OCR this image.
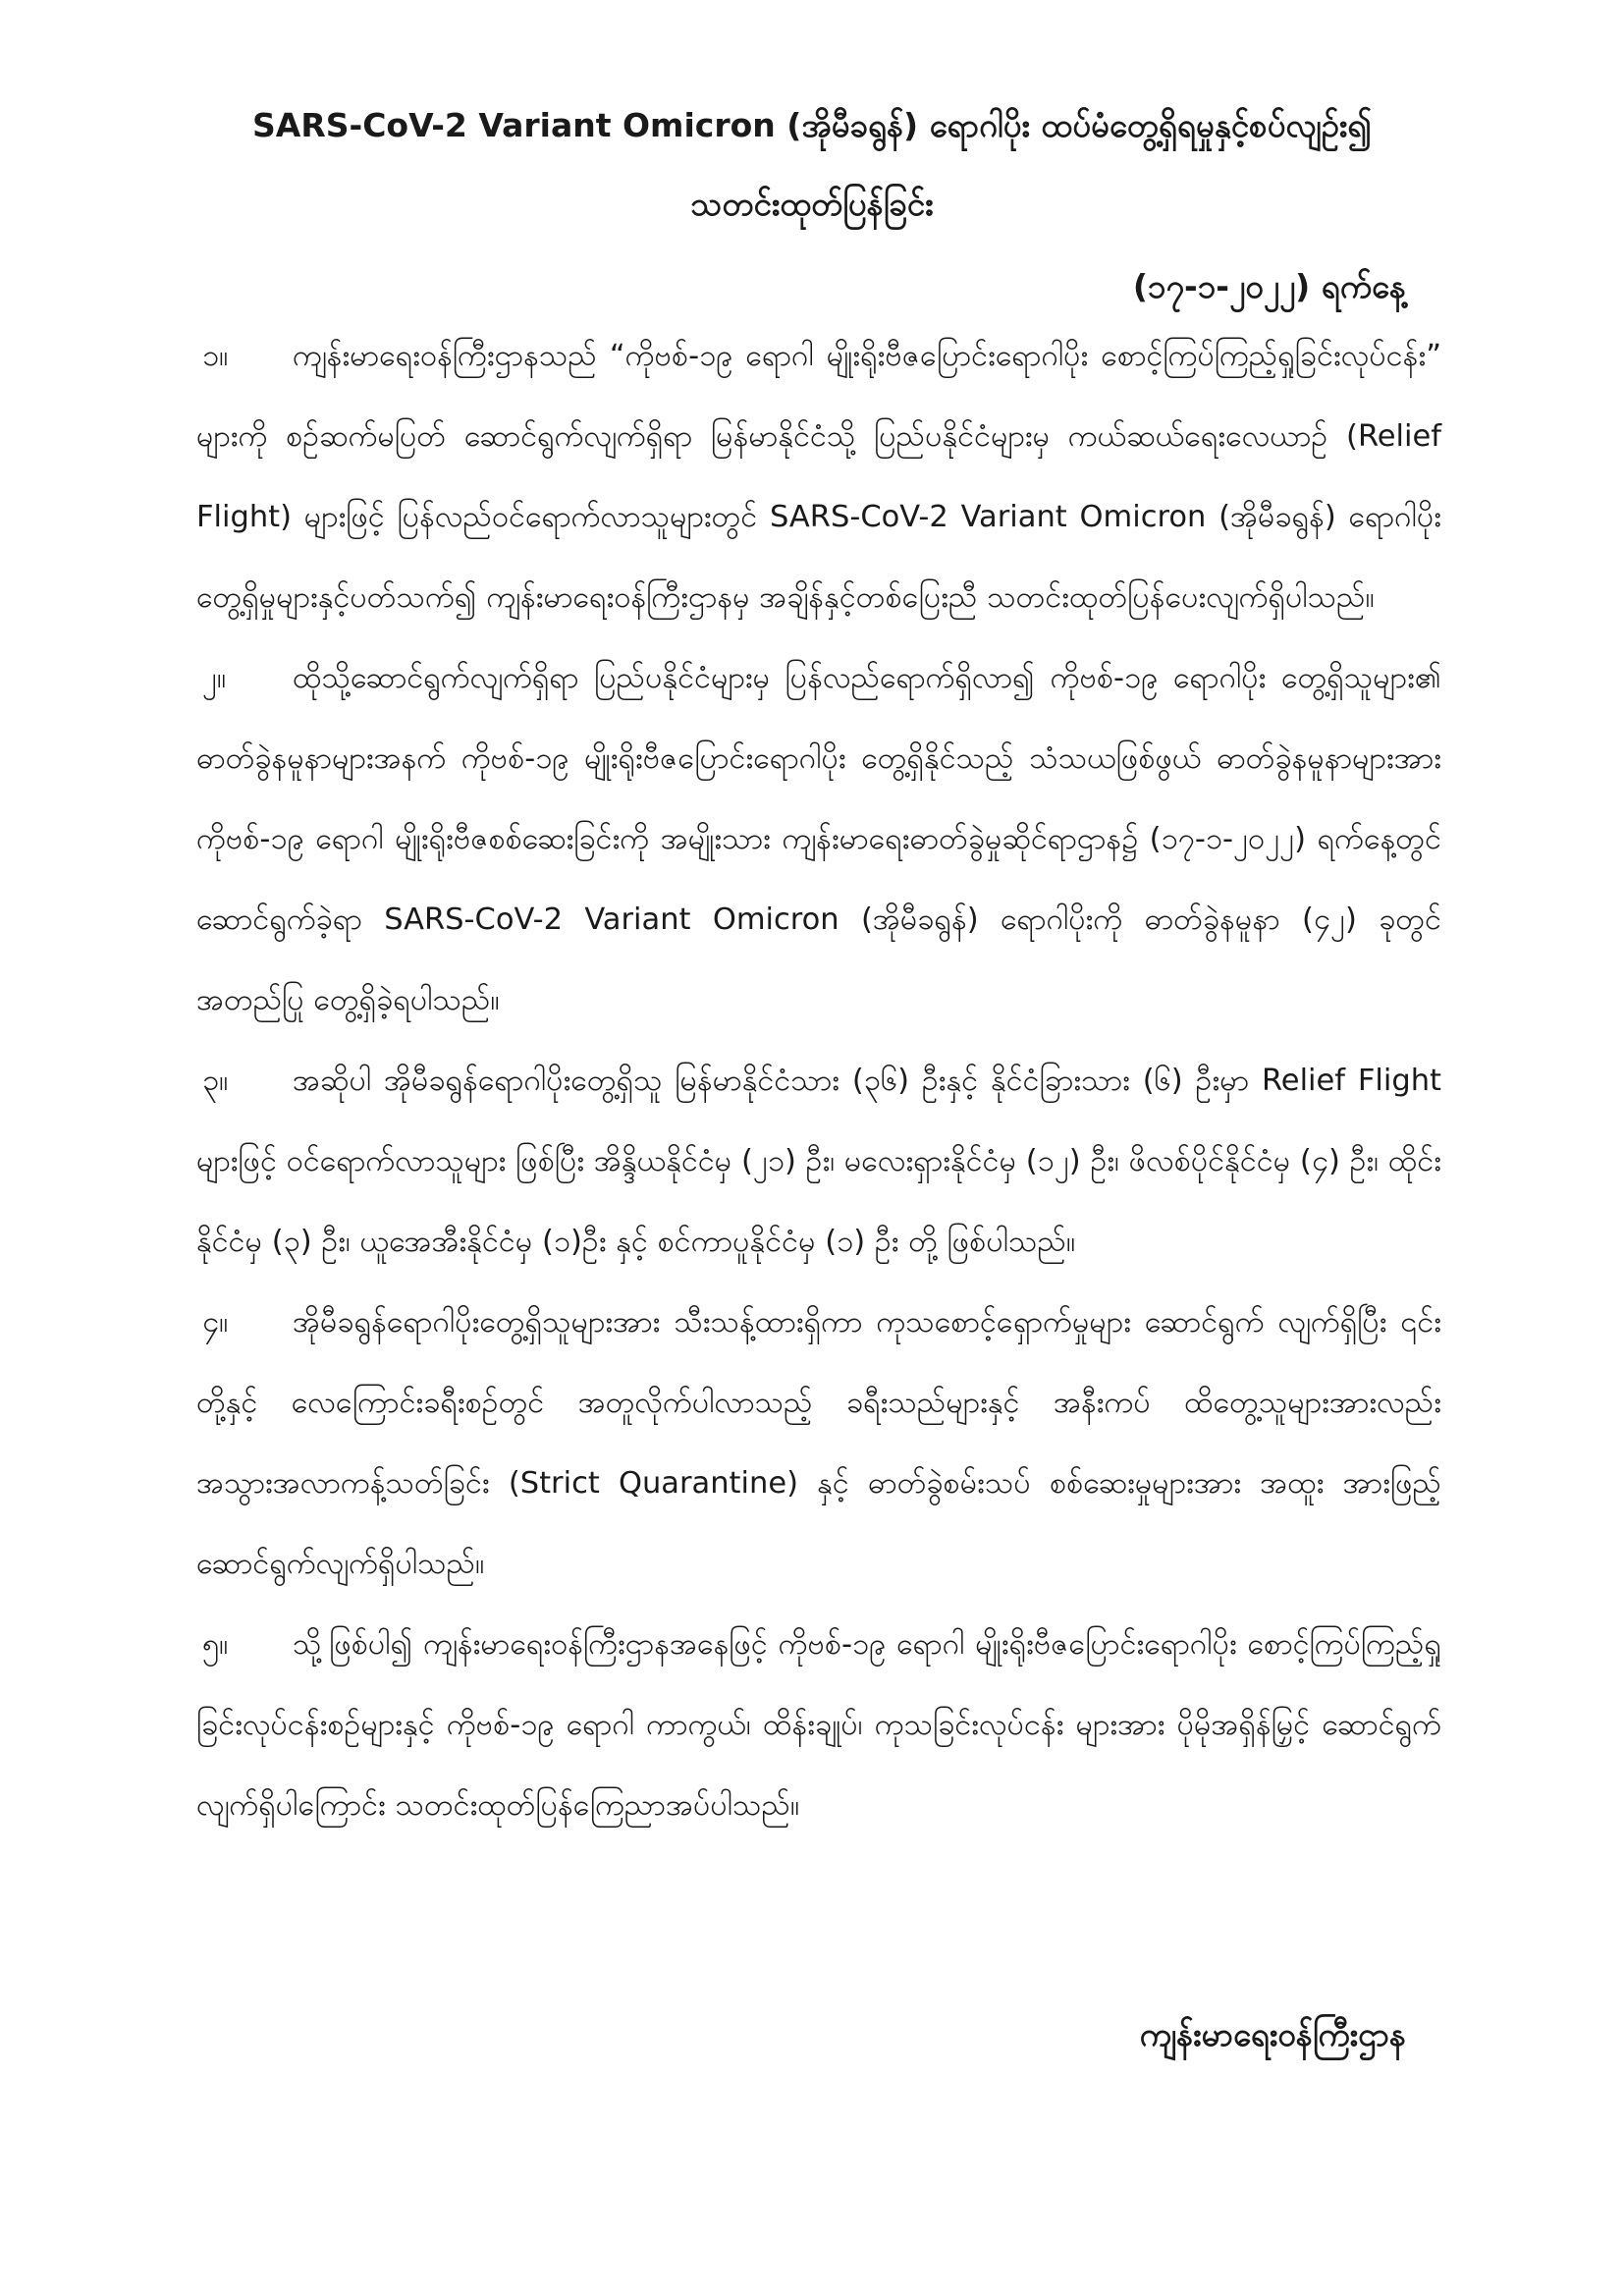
SARS-CoV-2 Variant Omicron (အိုမီခရွန်) ရောဂါပိုး ထပ်မံတွေ့ရှိရမှုနှင့်စပ်လျဉ်း၍
သတင်းထုတ်ပြန်ခြင်း
(၁၇-၁-၂၀၂၂) ရက်နေ့

၁။ ကျန်းမာရေးဝန်ကြီးဌာနသည် “ကိုဗစ်-၁၉ ရောဂါ မျိုးရိုးဗီဇပြောင်းရောဂါပိုး စောင့်ကြပ်ကြည့်ရှုခြင်းလုပ်ငန်း” များကို စဉ်ဆက်မပြတ် ဆောင်ရွက်လျက်ရှိရာ မြန်မာနိုင်ငံသို့ ပြည်ပနိုင်ငံများမှ ကယ်ဆယ်ရေးလေယာဉ် (Relief Flight) များဖြင့် ပြန်လည်ဝင်ရောက်လာသူများတွင် SARS-CoV-2 Variant Omicron (အိုမီခရွန်) ရောဂါပိုးတွေ့ရှိမှုများနှင့်ပတ်သက်၍ ကျန်းမာရေးဝန်ကြီးဌာနမှ အချိန်နှင့်တစ်ပြေးညီ သတင်းထုတ်ပြန်ပေးလျက်ရှိပါသည်။

၂။ ထိုသို့ဆောင်ရွက်လျက်ရှိရာ ပြည်ပနိုင်ငံများမှ ပြန်လည်ရောက်ရှိလာ၍ ကိုဗစ်-၁၉ ရောဂါပိုး တွေ့ရှိသူများ၏ ဓာတ်ခွဲနမူနာများအနက် ကိုဗစ်-၁၉ မျိုးရိုးဗီဇပြောင်းရောဂါပိုး တွေ့ရှိနိုင်သည့် သံသယဖြစ်ဖွယ် ဓာတ်ခွဲနမူနာများအား ကိုဗစ်-၁၉ ရောဂါ မျိုးရိုးဗီဇစစ်ဆေးခြင်းကို အမျိုးသား ကျန်းမာရေးဓာတ်ခွဲမှုဆိုင်ရာဌာန၌ (၁၇-၁-၂၀၂၂) ရက်နေ့တွင် ဆောင်ရွက်ခဲ့ရာ SARS-CoV-2 Variant Omicron (အိုမီခရွန်) ရောဂါပိုးကို ဓာတ်ခွဲနမူနာ (၄၂) ခုတွင် အတည်ပြု တွေ့ရှိခဲ့ရပါသည်။

၃။ အဆိုပါ အိုမီခရွန်ရောဂါပိုးတွေ့ရှိသူ မြန်မာနိုင်ငံသား (၃၆) ဦးနှင့် နိုင်ငံခြားသား (၆) ဦးမှာ Relief Flight များဖြင့် ဝင်ရောက်လာသူများ ဖြစ်ပြီး အိန္ဒိယနိုင်ငံမှ (၂၁) ဦး၊ မလေးရှားနိုင်ငံမှ (၁၂) ဦး၊ ဖိလစ်ပိုင်နိုင်ငံမှ (၄) ဦး၊ ထိုင်းနိုင်ငံမှ (၃) ဦး၊ ယူအေအီးနိုင်ငံမှ (၁)ဦး နှင့် စင်ကာပူနိုင်ငံမှ (၁) ဦး တို့ ဖြစ်ပါသည်။

၄။ အိုမီခရွန်ရောဂါပိုးတွေ့ရှိသူများအား သီးသန့်ထားရှိကာ ကုသစောင့်ရှောက်မှုများ ဆောင်ရွက် လျက်ရှိပြီး ၎င်းတို့နှင့် လေကြောင်းခရီးစဉ်တွင် အတူလိုက်ပါလာသည့် ခရီးသည်များနှင့် အနီးကပ် ထိတွေ့သူများအားလည်း အသွားအလာကန့်သတ်ခြင်း (Strict Quarantine) နှင့် ဓာတ်ခွဲစမ်းသပ် စစ်ဆေးမှုများအား အထူး အားဖြည့် ဆောင်ရွက်လျက်ရှိပါသည်။

၅။ သို့ဖြစ်ပါ၍ ကျန်းမာရေးဝန်ကြီးဌာနအနေဖြင့် ကိုဗစ်-၁၉ ရောဂါ မျိုးရိုးဗီဇပြောင်းရောဂါပိုး စောင့်ကြပ်ကြည့်ရှုခြင်းလုပ်ငန်းစဉ်များနှင့် ကိုဗစ်-၁၉ ရောဂါ ကာကွယ်၊ ထိန်းချုပ်၊ ကုသခြင်းလုပ်ငန်း များအား ပိုမိုအရှိန်မြှင့် ဆောင်ရွက်လျက်ရှိပါကြောင်း သတင်းထုတ်ပြန်ကြေညာအပ်ပါသည်။

ကျန်းမာရေးဝန်ကြီးဌာန
